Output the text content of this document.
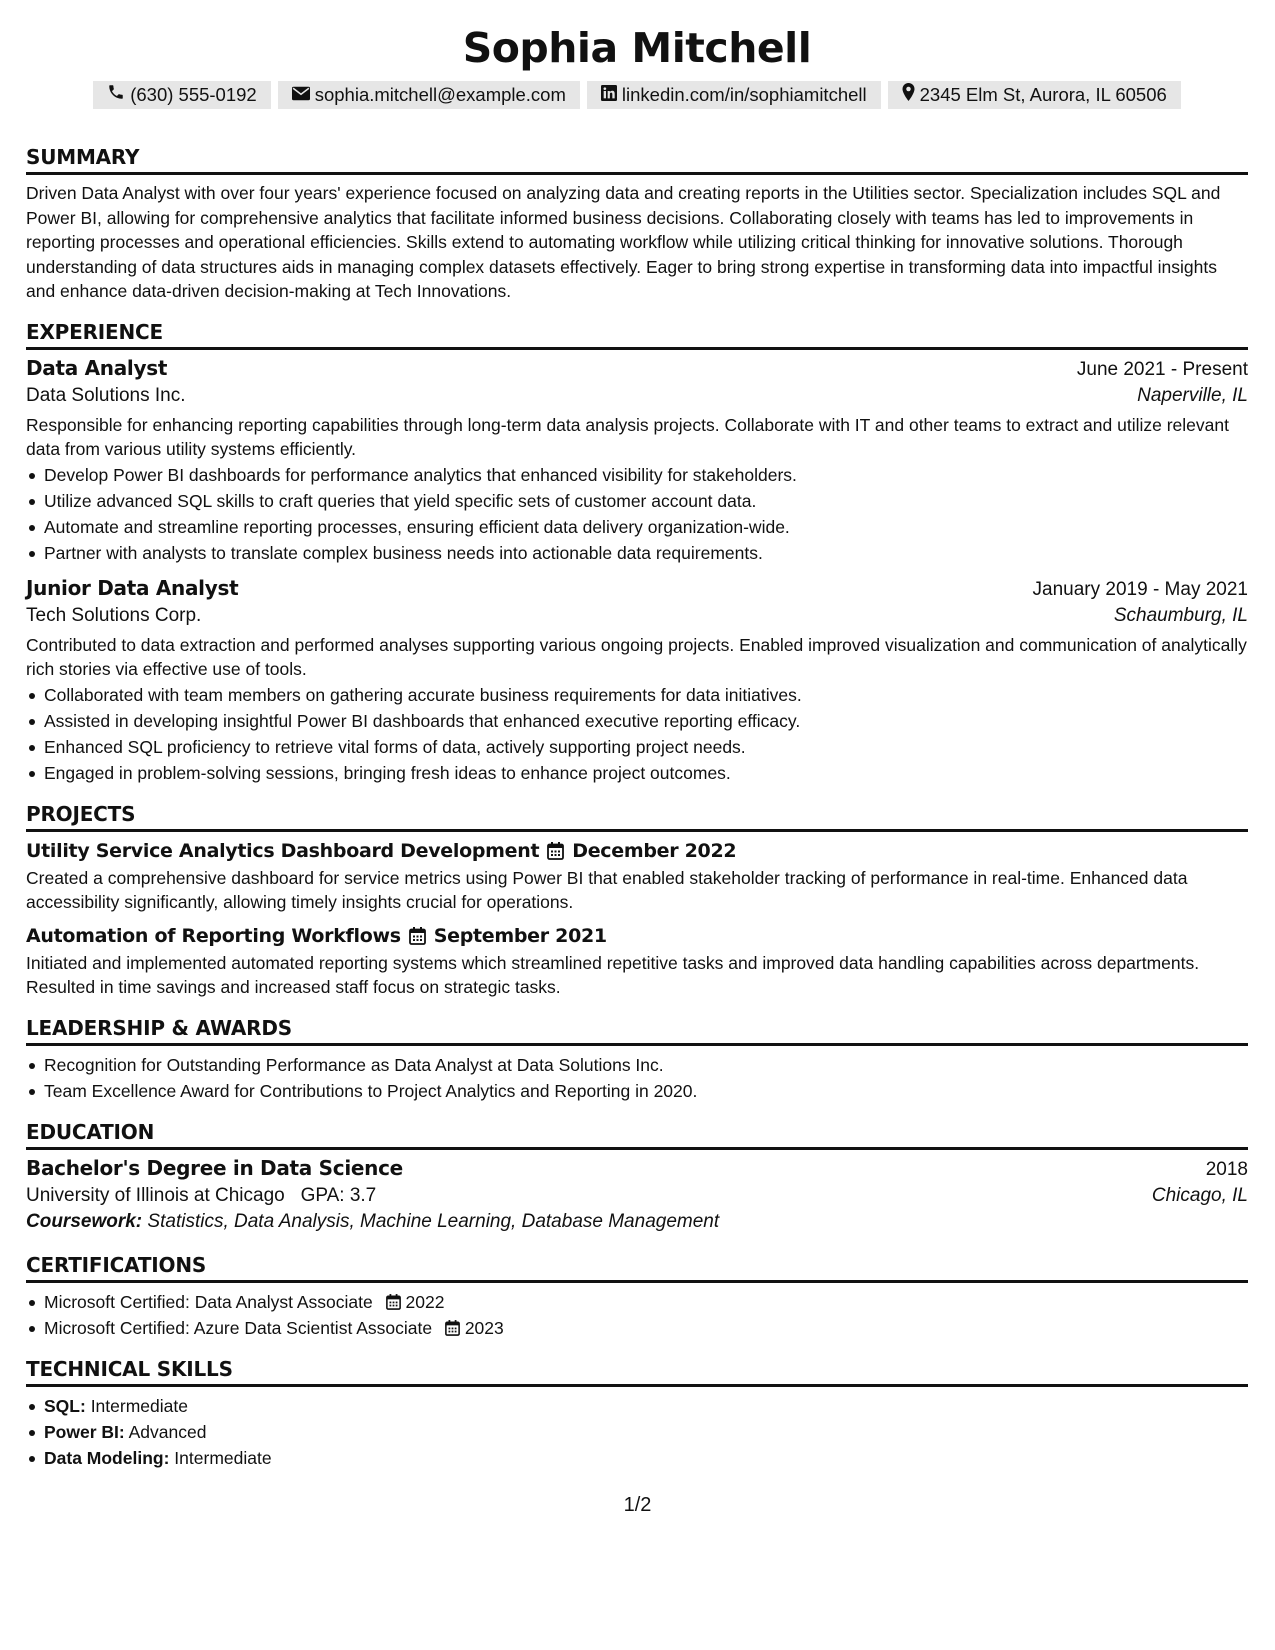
Sophia Mitchell
(630) 555-0192	sophia.mitchell@example.com	linkedin.com/in/sophiamitchell	2345 Elm St, Aurora, IL 60506
SUMMARY

Driven Data Analyst with over four years' experience focused on analyzing data and creating reports in the Utilities sector. Specialization includes SQL and Power BI, allowing for comprehensive analytics that facilitate informed business decisions. Collaborating closely with teams has led to improvements in reporting processes and operational efficiencies. Skills extend to automating workflow while utilizing critical thinking for innovative solutions. Thorough understanding of data structures aids in managing complex datasets effectively. Eager to bring strong expertise in transforming data into impactful insights and enhance data-driven decision-making at Tech Innovations.

EXPERIENCE
Data Analyst	June 2021 - Present
Data Solutions Inc.	Naperville, IL

Responsible for enhancing reporting capabilities through long-term data analysis projects. Collaborate with IT and other teams to extract and utilize relevant data from various utility systems efficiently.

Develop Power BI dashboards for performance analytics that enhanced visibility for stakeholders.
Utilize advanced SQL skills to craft queries that yield specific sets of customer account data.
Automate and streamline reporting processes, ensuring efficient data delivery organization-wide.
Partner with analysts to translate complex business needs into actionable data requirements.
Junior Data Analyst	January 2019 - May 2021
Tech Solutions Corp.	Schaumburg, IL

Contributed to data extraction and performed analyses supporting various ongoing projects. Enabled improved visualization and communication of analytically rich stories via effective use of tools.

Collaborated with team members on gathering accurate business requirements for data initiatives.
Assisted in developing insightful Power BI dashboards that enhanced executive reporting efficacy.
Enhanced SQL proficiency to retrieve vital forms of data, actively supporting project needs.
Engaged in problem-solving sessions, bringing fresh ideas to enhance project outcomes.
PROJECTS
Utility Service Analytics Dashboard Development December 2022

Created a comprehensive dashboard for service metrics using Power BI that enabled stakeholder tracking of performance in real-time. Enhanced data accessibility significantly, allowing timely insights crucial for operations.

Automation of Reporting Workflows September 2021

Initiated and implemented automated reporting systems which streamlined repetitive tasks and improved data handling capabilities across departments. Resulted in time savings and increased staff focus on strategic tasks.

LEADERSHIP & AWARDS
Recognition for Outstanding Performance as Data Analyst at Data Solutions Inc.
Team Excellence Award for Contributions to Project Analytics and Reporting in 2020.
EDUCATION
Bachelor's Degree in Data Science	2018
University of Illinois at Chicago GPA: 3.7	Chicago, IL
Coursework: Statistics, Data Analysis, Machine Learning, Database Management
CERTIFICATIONS
Microsoft Certified: Data Analyst Associate 2022
Microsoft Certified: Azure Data Scientist Associate 2023
TECHNICAL SKILLS
SQL: Intermediate
Power BI: Advanced
Data Modeling: Intermediate
1/2
